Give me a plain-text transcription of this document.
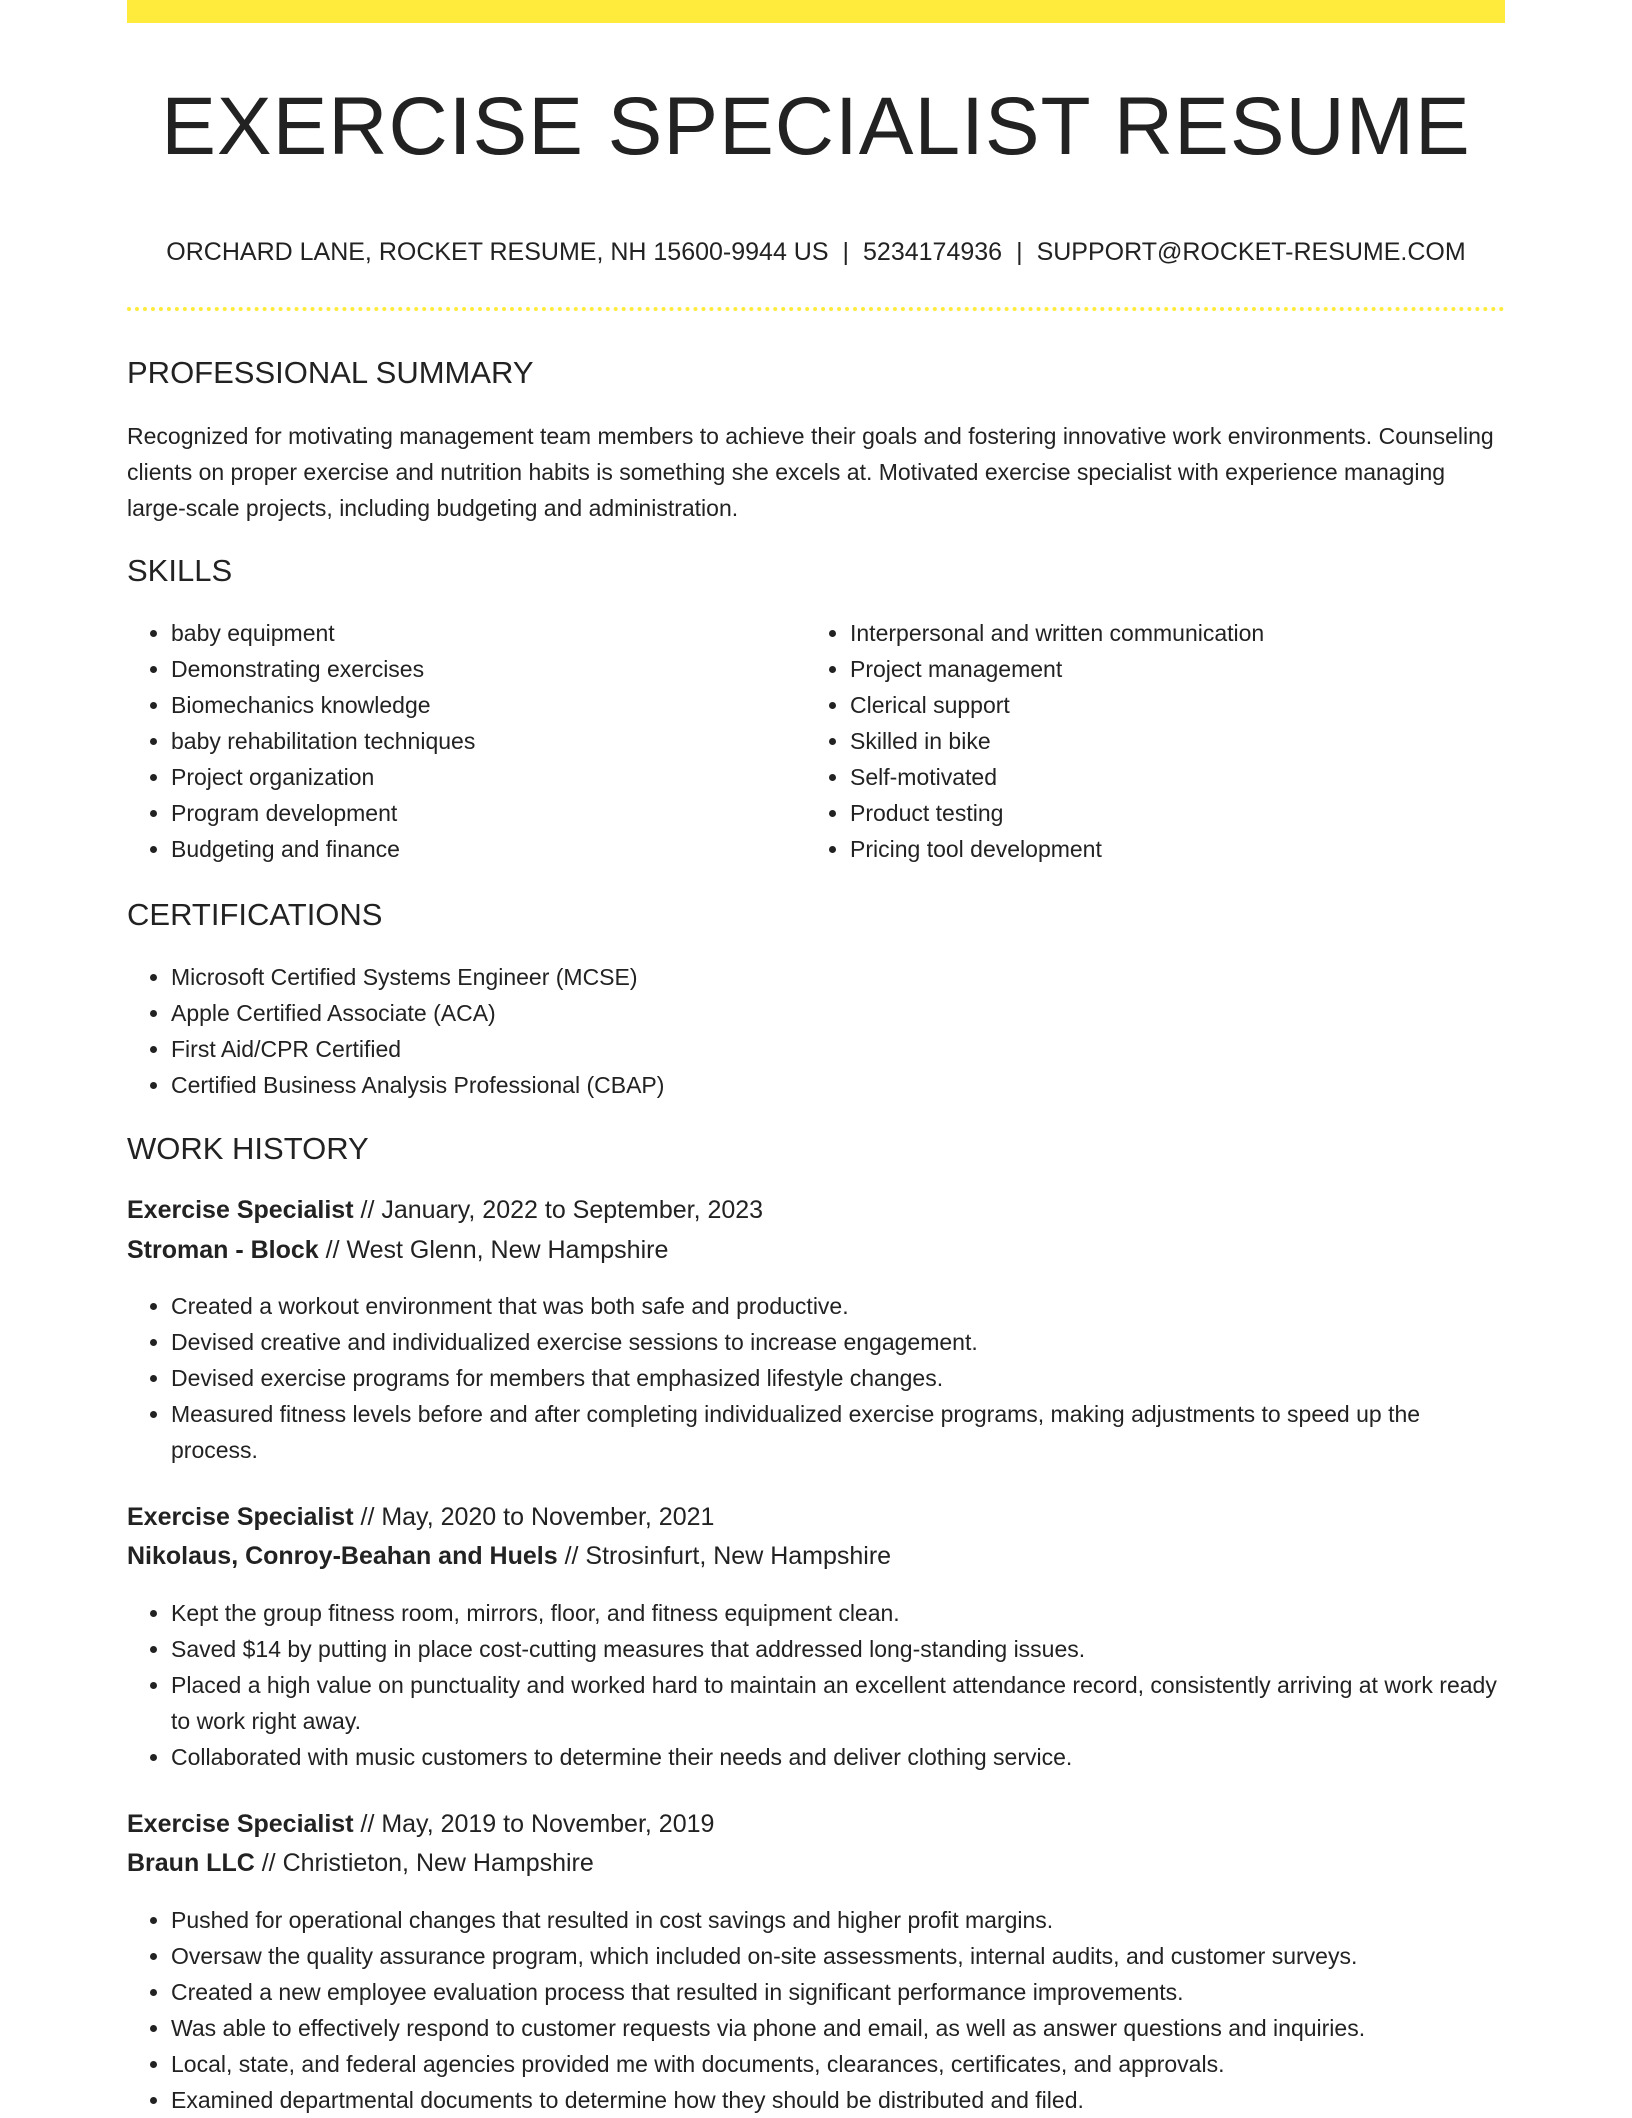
EXERCISE SPECIALIST RESUME
ORCHARD LANE, ROCKET RESUME, NH 15600-9944 US | 5234174936 | SUPPORT@ROCKET-RESUME.COM
PROFESSIONAL SUMMARY

Recognized for motivating management team members to achieve their goals and fostering innovative work environments. Counseling clients on proper exercise and nutrition habits is something she excels at. Motivated exercise specialist with experience managing large-scale projects, including budgeting and administration.

SKILLS
• baby equipment
• Demonstrating exercises
• Biomechanics knowledge
• baby rehabilitation techniques
• Project organization
• Program development
• Budgeting and finance
• Interpersonal and written communication
• Project management
• Clerical support
• Skilled in bike
• Self-motivated
• Product testing
• Pricing tool development
CERTIFICATIONS
• Microsoft Certified Systems Engineer (MCSE)
• Apple Certified Associate (ACA)
• First Aid/CPR Certified
• Certified Business Analysis Professional (CBAP)
WORK HISTORY
Exercise Specialist // January, 2022 to September, 2023
Stroman - Block // West Glenn, New Hampshire
• Created a workout environment that was both safe and productive.
• Devised creative and individualized exercise sessions to increase engagement.
• Devised exercise programs for members that emphasized lifestyle changes.
• Measured fitness levels before and after completing individualized exercise programs, making adjustments to speed up the process.
Exercise Specialist // May, 2020 to November, 2021
Nikolaus, Conroy-Beahan and Huels // Strosinfurt, New Hampshire
• Kept the group fitness room, mirrors, floor, and fitness equipment clean.
• Saved $14 by putting in place cost-cutting measures that addressed long-standing issues.
• Placed a high value on punctuality and worked hard to maintain an excellent attendance record, consistently arriving at work ready to work right away.
• Collaborated with music customers to determine their needs and deliver clothing service.
Exercise Specialist // May, 2019 to November, 2019
Braun LLC // Christieton, New Hampshire
• Pushed for operational changes that resulted in cost savings and higher profit margins.
• Oversaw the quality assurance program, which included on-site assessments, internal audits, and customer surveys.
• Created a new employee evaluation process that resulted in significant performance improvements.
• Was able to effectively respond to customer requests via phone and email, as well as answer questions and inquiries.
• Local, state, and federal agencies provided me with documents, clearances, certificates, and approvals.
• Examined departmental documents to determine how they should be distributed and filed.
